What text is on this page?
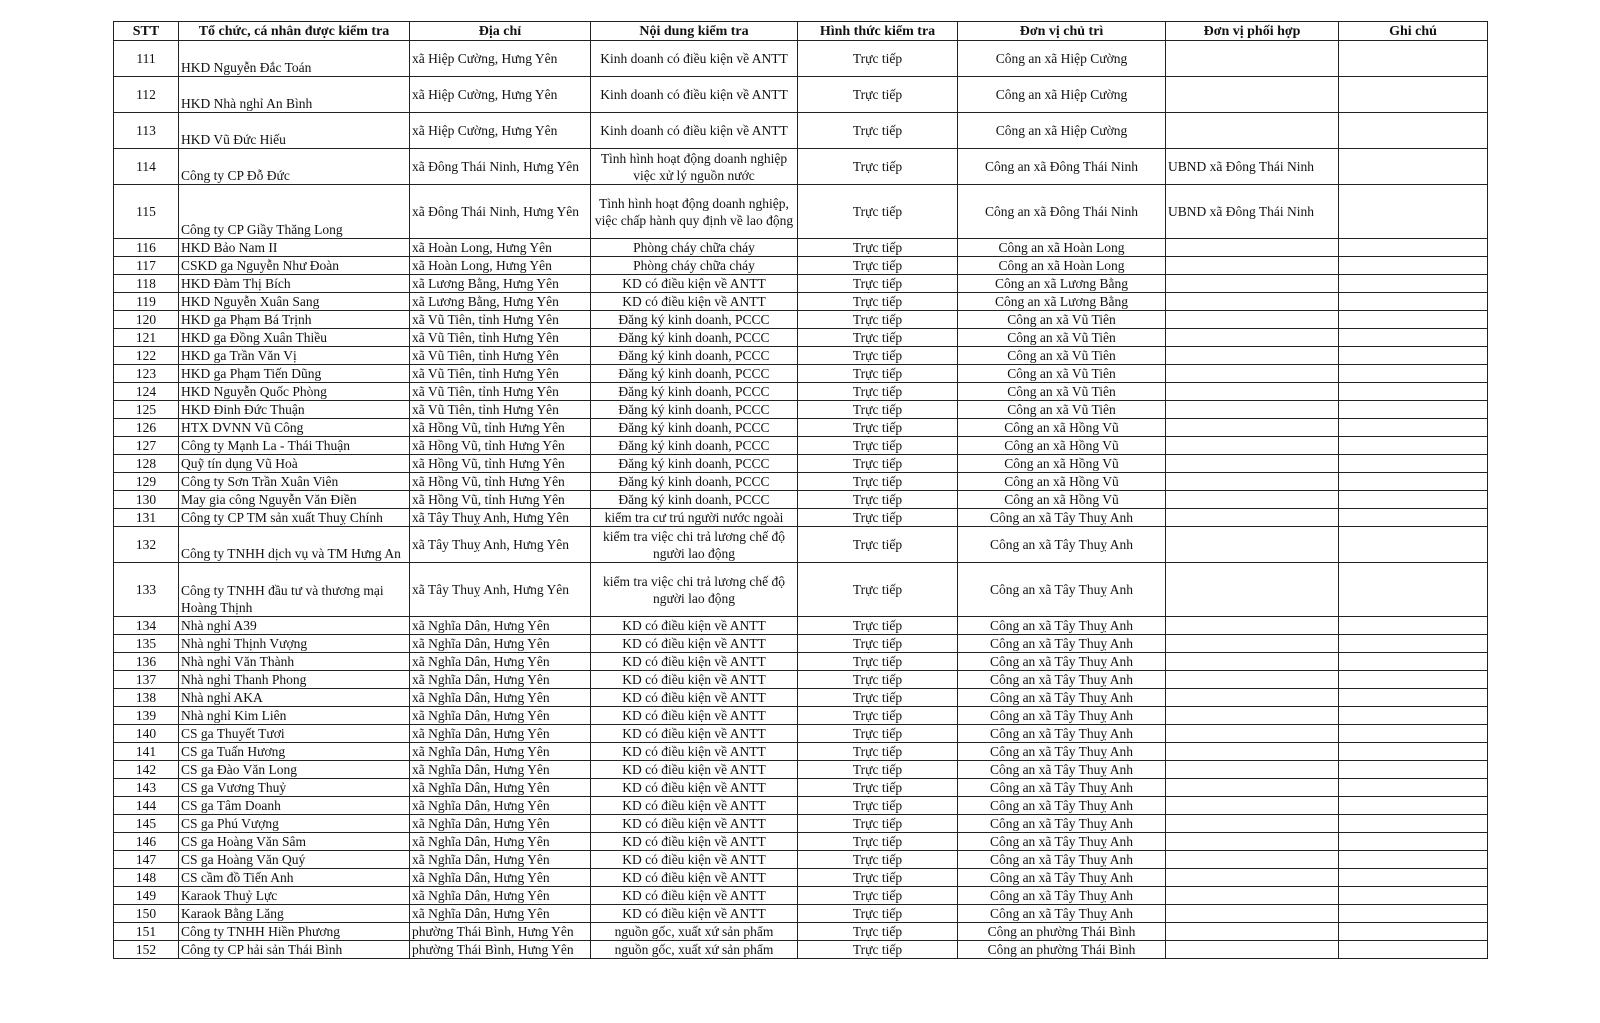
STT	Tổ chức, cá nhân được kiểm tra	Địa chỉ	Nội dung kiểm tra	Hình thức kiểm tra	Đơn vị chủ trì	Đơn vị phối hợp	Ghi chú
111	HKD Nguyễn Đắc Toán	xã Hiệp Cường, Hưng Yên	Kinh doanh có điều kiện về ANTT	Trực tiếp	Công an xã Hiệp Cường		
112	HKD Nhà nghỉ An Bình	xã Hiệp Cường, Hưng Yên	Kinh doanh có điều kiện về ANTT	Trực tiếp	Công an xã Hiệp Cường		
113	HKD Vũ Đức Hiếu	xã Hiệp Cường, Hưng Yên	Kinh doanh có điều kiện về ANTT	Trực tiếp	Công an xã Hiệp Cường		
114	Công ty CP Đỗ Đức	xã Đông Thái Ninh, Hưng Yên	Tình hình hoạt động doanh nghiệp việc xử lý nguồn nước	Trực tiếp	Công an xã Đông Thái Ninh	UBND xã Đông Thái Ninh	
115	Công ty CP Giầy Thăng Long	xã Đông Thái Ninh, Hưng Yên	Tình hình hoạt động doanh nghiệp, việc chấp hành quy định về lao động	Trực tiếp	Công an xã Đông Thái Ninh	UBND xã Đông Thái Ninh	
116	HKD Bảo Nam II	xã Hoàn Long, Hưng Yên	Phòng cháy chữa cháy	Trực tiếp	Công an xã Hoàn Long		
117	CSKD ga Nguyễn Như Đoàn	xã Hoàn Long, Hưng Yên	Phòng cháy chữa cháy	Trực tiếp	Công an xã Hoàn Long		
118	HKD Đàm Thị Bích	xã Lương Bằng, Hưng Yên	KD có điều kiện về ANTT	Trực tiếp	Công an xã Lương Bằng		
119	HKD Nguyễn Xuân Sang	xã Lương Bằng, Hưng Yên	KD có điều kiện về ANTT	Trực tiếp	Công an xã Lương Bằng		
120	HKD ga Phạm Bá Trịnh	xã Vũ Tiên, tỉnh Hưng Yên	Đăng ký kinh doanh, PCCC	Trực tiếp	Công an xã Vũ Tiên		
121	HKD ga Đồng Xuân Thiều	xã Vũ Tiên, tỉnh Hưng Yên	Đăng ký kinh doanh, PCCC	Trực tiếp	Công an xã Vũ Tiên		
122	HKD ga Trần Văn Vị	xã Vũ Tiên, tỉnh Hưng Yên	Đăng ký kinh doanh, PCCC	Trực tiếp	Công an xã Vũ Tiên		
123	HKD ga Phạm Tiến Dũng	xã Vũ Tiên, tỉnh Hưng Yên	Đăng ký kinh doanh, PCCC	Trực tiếp	Công an xã Vũ Tiên		
124	HKD Nguyễn Quốc Phòng	xã Vũ Tiên, tỉnh Hưng Yên	Đăng ký kinh doanh, PCCC	Trực tiếp	Công an xã Vũ Tiên		
125	HKD Đinh Đức Thuận	xã Vũ Tiên, tỉnh Hưng Yên	Đăng ký kinh doanh, PCCC	Trực tiếp	Công an xã Vũ Tiên		
126	HTX DVNN Vũ Công	xã Hồng Vũ, tỉnh Hưng Yên	Đăng ký kinh doanh, PCCC	Trực tiếp	Công an xã Hồng Vũ		
127	Công ty Mạnh La - Thái Thuận	xã Hồng Vũ, tỉnh Hưng Yên	Đăng ký kinh doanh, PCCC	Trực tiếp	Công an xã Hồng Vũ		
128	Quỹ tín dụng Vũ Hoà	xã Hồng Vũ, tỉnh Hưng Yên	Đăng ký kinh doanh, PCCC	Trực tiếp	Công an xã Hồng Vũ		
129	Công ty Sơn Trần Xuân Viên	xã Hồng Vũ, tỉnh Hưng Yên	Đăng ký kinh doanh, PCCC	Trực tiếp	Công an xã Hồng Vũ		
130	May gia công Nguyễn Văn Điền	xã Hồng Vũ, tỉnh Hưng Yên	Đăng ký kinh doanh, PCCC	Trực tiếp	Công an xã Hồng Vũ		
131	Công ty CP TM sản xuất Thuỵ Chính	xã Tây Thuỵ Anh, Hưng Yên	kiểm tra cư trú người nước ngoài	Trực tiếp	Công an xã Tây Thuỵ Anh		
132	Công ty TNHH dịch vụ và TM Hưng An	xã Tây Thuỵ Anh, Hưng Yên	kiểm tra việc chi trả lương chế độ người lao động	Trực tiếp	Công an xã Tây Thuỵ Anh		
133	Công ty TNHH đầu tư và thương mại Hoàng Thịnh	xã Tây Thuỵ Anh, Hưng Yên	kiểm tra việc chi trả lương chế độ người lao động	Trực tiếp	Công an xã Tây Thuỵ Anh		
134	Nhà nghỉ A39	xã Nghĩa Dân, Hưng Yên	KD có điều kiện về ANTT	Trực tiếp	Công an xã Tây Thuỵ Anh		
135	Nhà nghỉ Thịnh Vượng	xã Nghĩa Dân, Hưng Yên	KD có điều kiện về ANTT	Trực tiếp	Công an xã Tây Thuỵ Anh		
136	Nhà nghỉ Văn Thành	xã Nghĩa Dân, Hưng Yên	KD có điều kiện về ANTT	Trực tiếp	Công an xã Tây Thuỵ Anh		
137	Nhà nghỉ Thanh Phong	xã Nghĩa Dân, Hưng Yên	KD có điều kiện về ANTT	Trực tiếp	Công an xã Tây Thuỵ Anh		
138	Nhà nghỉ AKA	xã Nghĩa Dân, Hưng Yên	KD có điều kiện về ANTT	Trực tiếp	Công an xã Tây Thuỵ Anh		
139	Nhà nghỉ Kim Liên	xã Nghĩa Dân, Hưng Yên	KD có điều kiện về ANTT	Trực tiếp	Công an xã Tây Thuỵ Anh		
140	CS ga Thuyết Tươi	xã Nghĩa Dân, Hưng Yên	KD có điều kiện về ANTT	Trực tiếp	Công an xã Tây Thuỵ Anh		
141	CS ga Tuấn Hương	xã Nghĩa Dân, Hưng Yên	KD có điều kiện về ANTT	Trực tiếp	Công an xã Tây Thuỵ Anh		
142	CS ga Đào Văn Long	xã Nghĩa Dân, Hưng Yên	KD có điều kiện về ANTT	Trực tiếp	Công an xã Tây Thuỵ Anh		
143	CS ga Vương Thuỷ	xã Nghĩa Dân, Hưng Yên	KD có điều kiện về ANTT	Trực tiếp	Công an xã Tây Thuỵ Anh		
144	CS ga Tâm Doanh	xã Nghĩa Dân, Hưng Yên	KD có điều kiện về ANTT	Trực tiếp	Công an xã Tây Thuỵ Anh		
145	CS ga Phú Vượng	xã Nghĩa Dân, Hưng Yên	KD có điều kiện về ANTT	Trực tiếp	Công an xã Tây Thuỵ Anh		
146	CS ga Hoàng Văn Sâm	xã Nghĩa Dân, Hưng Yên	KD có điều kiện về ANTT	Trực tiếp	Công an xã Tây Thuỵ Anh		
147	CS ga Hoàng Văn Quý	xã Nghĩa Dân, Hưng Yên	KD có điều kiện về ANTT	Trực tiếp	Công an xã Tây Thuỵ Anh		
148	CS cầm đồ Tiến Anh	xã Nghĩa Dân, Hưng Yên	KD có điều kiện về ANTT	Trực tiếp	Công an xã Tây Thuỵ Anh		
149	Karaok Thuỷ Lực	xã Nghĩa Dân, Hưng Yên	KD có điều kiện về ANTT	Trực tiếp	Công an xã Tây Thuỵ Anh		
150	Karaok Bằng Lăng	xã Nghĩa Dân, Hưng Yên	KD có điều kiện về ANTT	Trực tiếp	Công an xã Tây Thuỵ Anh		
151	Công ty TNHH Hiền Phương	phường Thái Bình, Hưng Yên	nguồn gốc, xuất xứ sản phẩm	Trực tiếp	Công an phường Thái Bình		
152	Công ty CP hải sản Thái Bình	phường Thái Bình, Hưng Yên	nguồn gốc, xuất xứ sản phẩm	Trực tiếp	Công an phường Thái Bình		
